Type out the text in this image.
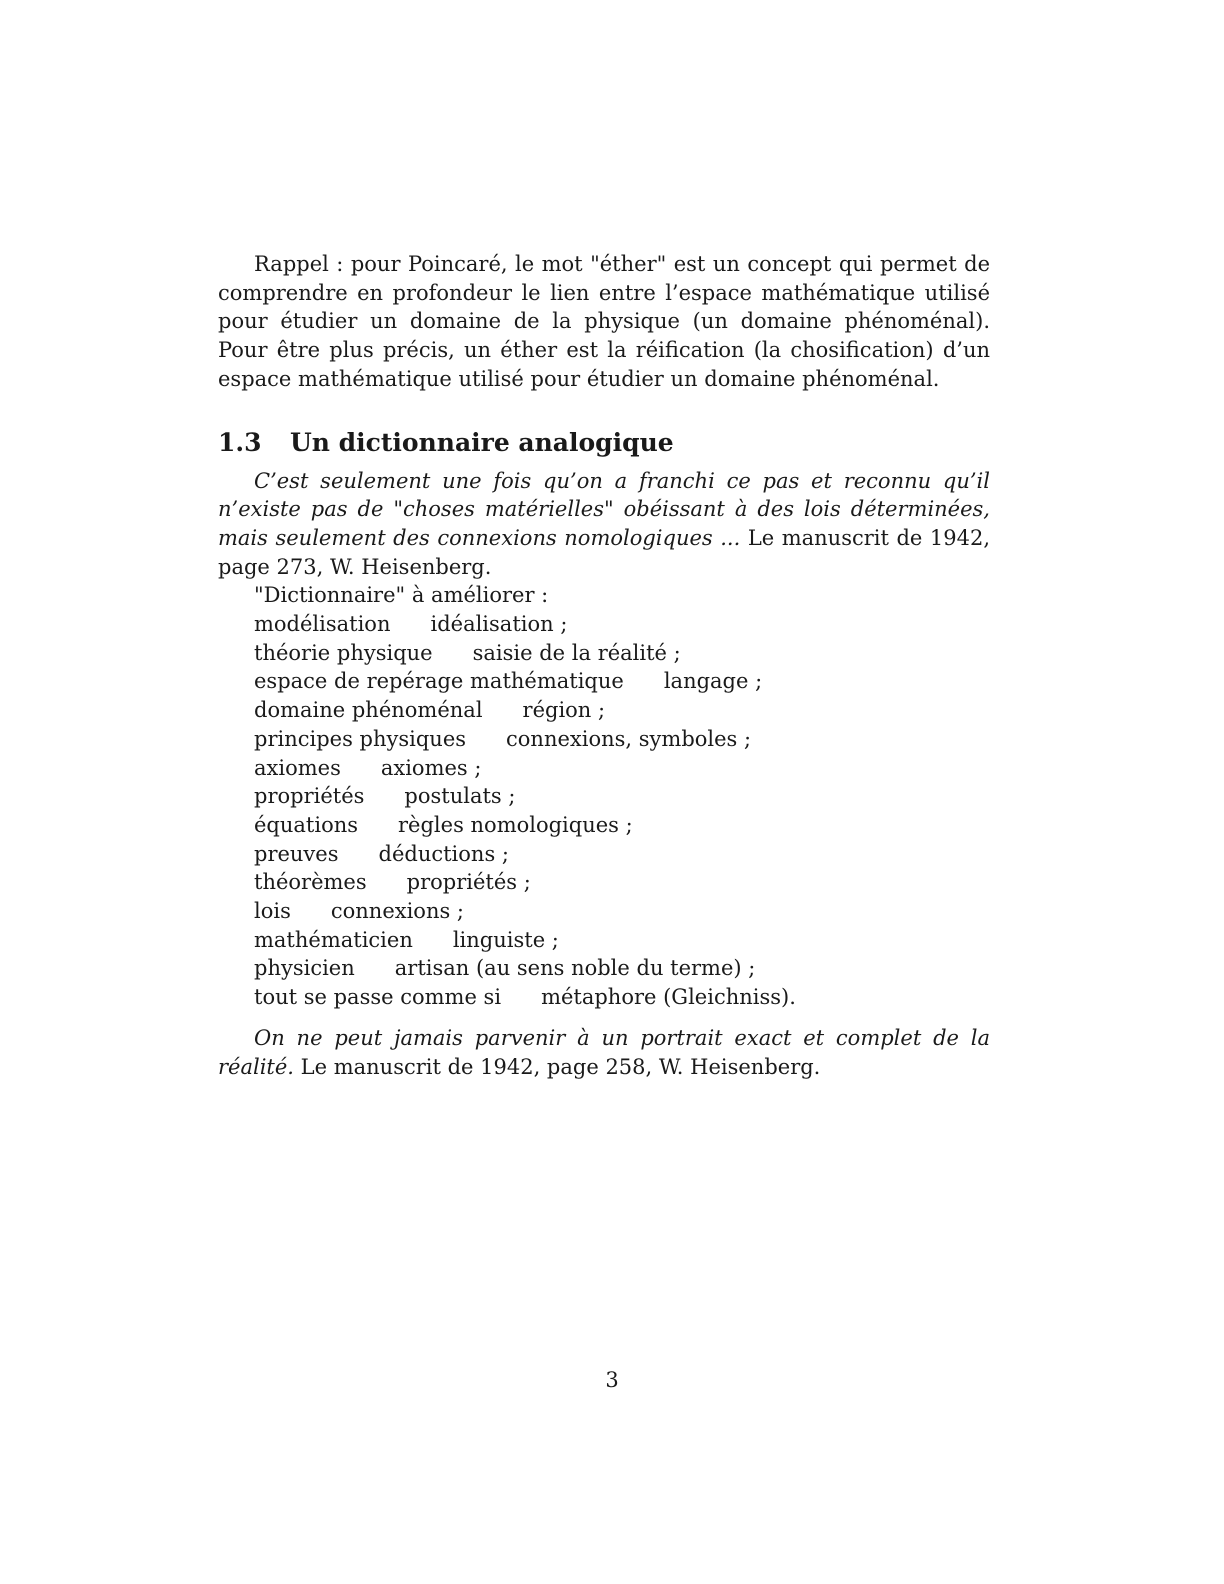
Rappel : pour Poincaré, le mot "éther" est un concept qui permet de comprendre en profondeur le lien entre l’espace mathématique utilisé pour étudier un domaine de la physique (un domaine phénoménal). Pour être plus précis, un éther est la réification (la chosification) d’un espace mathématique utilisé pour étudier un domaine phénoménal.

1.3	Un dictionnaire analogique

C’est seulement une fois qu’on a franchi ce pas et reconnu qu’il n’existe pas de "choses matérielles" obéissant à des lois déterminées, mais seulement des connexions nomologiques ... Le manuscrit de 1942, page 273, W. Heisenberg.

"Dictionnaire" à améliorer :

modélisation idéalisation ;
théorie physique saisie de la réalité ;
espace de repérage mathématique langage ;
domaine phénoménal région ;
principes physiques connexions, symboles ;
axiomes axiomes ;
propriétés postulats ;
équations règles nomologiques ;
preuves déductions ;
théorèmes propriétés ;
lois connexions ;
mathématicien linguiste ;
physicien artisan (au sens noble du terme) ;
tout se passe comme si métaphore (Gleichniss).

On ne peut jamais parvenir à un portrait exact et complet de la réalité. Le manuscrit de 1942, page 258, W. Heisenberg.

3
